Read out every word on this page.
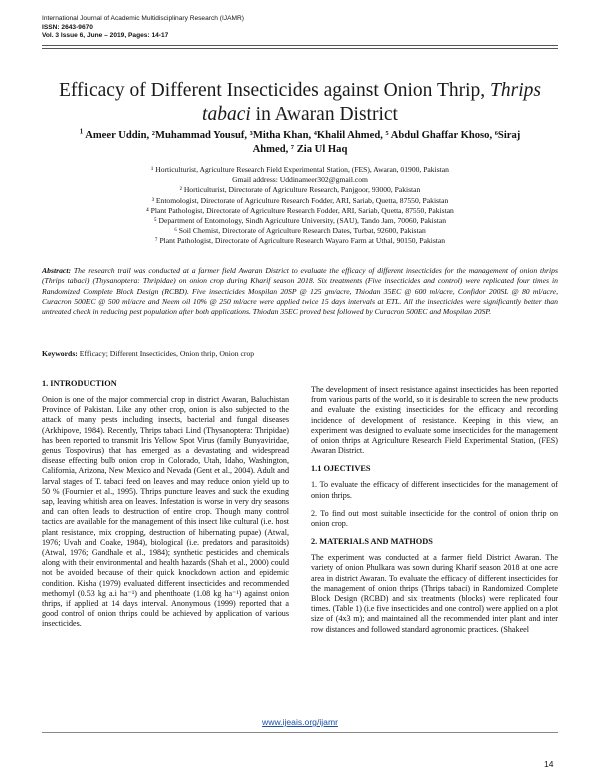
International Journal of Academic Multidisciplinary Research (IJAMR)
ISSN: 2643-9670
Vol. 3 Issue 6, June – 2019, Pages: 14-17
Efficacy of Different Insecticides against Onion Thrip, Thrips
tabaci in Awaran District
$^1$ Ameer Uddin, ²Muhammad Yousuf, ³Mitha Khan, ⁴Khalil Ahmed, ⁵ Abdul Ghaffar Khoso, ⁶Siraj
Ahmed, ⁷ Zia Ul Haq
¹ Horticulturist, Agriculture Research Field Experimental Station, (FES), Awaran, 01900, Pakistan
Gmail address: Uddinameer302@gmail.com
² Horticulturist, Directorate of Agriculture Research, Panjgoor, 93000, Pakistan
³ Entomologist, Directorate of Agriculture Research Fodder, ARI, Sariab, Quetta, 87550, Pakistan
⁴ Plant Pathologist, Directorate of Agriculture Research Fodder, ARI, Sariab, Quetta, 87550, Pakistan
⁵ Department of Entomology, Sindh Agriculture University, (SAU), Tando Jam, 70060, Pakistan
⁶ Soil Chemist, Directorate of Agriculture Research Dates, Turbat, 92600, Pakistan
⁷ Plant Pathologist, Directorate of Agriculture Research Wayaro Farm at Uthal, 90150, Pakistan
Abstract: The research trail was conducted at a farmer field Awaran District to evaluate the efficacy of different insecticides for the management of onion thrips (Thrips tabaci) (Thysanoptera: Thripidae) on onion crop during Kharif season 2018. Six treatments (Five insecticides and control) were replicated four times in Randomized Complete Block Design (RCBD). Five insecticides Mospilan 20SP @ 125 gm/acre, Thiodan 35EC @ 600 ml/acre, Confidor 200SL @ 80 ml/acre, Curacron 500EC @ 500 ml/acre and Neem oil 10% @ 250 ml/acre were applied twice 15 days intervals at ETL. All the insecticides were significantly better than untreated check in reducing pest population after both applications. Thiodan 35EC proved best followed by Curacron 500EC and Mospilan 20SP.
Keywords: Efficacy; Different Insecticides, Onion thrip, Onion crop
1. INTRODUCTION

Onion is one of the major commercial crop in district Awaran, Baluchistan Province of Pakistan. Like any other crop, onion is also subjected to the attack of many pests including insects, bacterial and fungal diseases (Arkhipove, 1984). Recently, Thrips tabaci Lind (Thysanoptera: Thripidae) has been reported to transmit Iris Yellow Spot Virus (family Bunyaviridae, genus Tospovirus) that has emerged as a devastating and widespread disease effecting bulb onion crop in Colorado, Utah, Idaho, Washington, California, Arizona, New Mexico and Nevada (Gent et al., 2004). Adult and larval stages of T. tabaci feed on leaves and may reduce onion yield up to 50 % (Fournier et al., 1995). Thrips puncture leaves and suck the exuding sap, leaving whitish area on leaves. Infestation is worse in very dry seasons and can often leads to destruction of entire crop. Though many control tactics are available for the management of this insect like cultural (i.e. host plant resistance, mix cropping, destruction of hibernating pupae) (Atwal, 1976; Uvah and Coake, 1984), biological (i.e. predators and parasitoids) (Atwal, 1976; Gandhale et al., 1984); synthetic pesticides and chemicals along with their environmental and health hazards (Shah et al., 2000) could not be avoided because of their quick knockdown action and epidemic condition. Kisha (1979) evaluated different insecticides and recommended methomyl (0.53 kg a.i ha⁻¹) and phenthoate (1.08 kg ha⁻¹) against onion thrips, if applied at 14 days interval. Anonymous (1999) reported that a good control of onion thrips could be achieved by application of various insecticides.

The development of insect resistance against insecticides has been reported from various parts of the world, so it is desirable to screen the new products and evaluate the existing insecticides for the efficacy and recording incidence of development of resistance. Keeping in this view, an experiment was designed to evaluate some insecticides for the management of onion thrips at Agriculture Research Field Experimental Station, (FES) Awaran District.

1.1 OJECTIVES

1. To evaluate the efficacy of different insecticides for the management of onion thrips.

2. To find out most suitable insecticide for the control of onion thrip on onion crop.

2. MATERIALS AND MATHODS

The experiment was conducted at a farmer field District Awaran. The variety of onion Phulkara was sown during Kharif season 2018 at one acre area in district Awaran. To evaluate the efficacy of different insecticides for the management of onion thrips (Thrips tabaci) in Randomized Complete Block Design (RCBD) and six treatments (blocks) were replicated four times. (Table 1) (i.e five insecticides and one control) were applied on a plot size of (4x3 m); and maintained all the recommended inter plant and inter row distances and followed standard agronomic practices. (Shakeel

www.ijeais.org/ijamr
14
